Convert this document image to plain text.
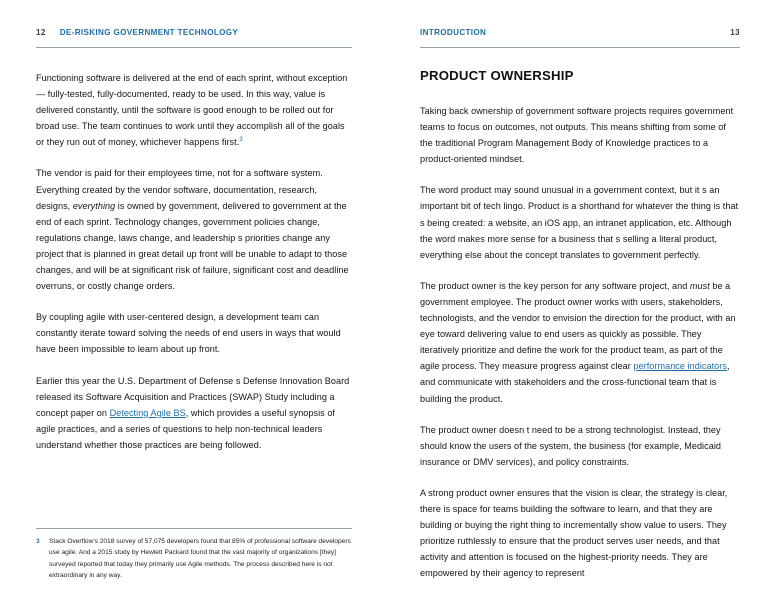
12 DE-RISKING GOVERNMENT TECHNOLOGY

Functioning software is delivered at the end of each sprint, without exception — fully-tested, fully-documented, ready to be used. In this way, value is delivered constantly, until the software is good enough to be rolled out for broad use. The team continues to work until they accomplish all of the goals or they run out of money, whichever happens first.$^3$

The vendor is paid for their employees time, not for a software system. Everything created by the vendor software, documentation, research, designs, everything is owned by government, delivered to government at the end of each sprint. Technology changes, government policies change, regulations change, laws change, and leadership s priorities change any project that is planned in great detail up front will be unable to adapt to those changes, and will be at significant risk of failure, significant cost and deadline overruns, or costly change orders.

By coupling agile with user-centered design, a development team can constantly iterate toward solving the needs of end users in ways that would have been impossible to learn about up front.

Earlier this year the U.S. Department of Defense s Defense Innovation Board released its Software Acquisition and Practices (SWAP) Study including a concept paper on Detecting Agile BS, which provides a useful synopsis of agile practices, and a series of questions to help non-technical leaders understand whether those practices are being followed.

3	Stack Overflow's 2018 survey of 57,075 developers found that 85% of professional software developers use agile. And a 2015 study by Hewlett Packard found that the vast majority of organizations [they] surveyed reported that today they primarily use Agile methods. The process described here is not extraordinary in any way.
INTRODUCTION	13
PRODUCT OWNERSHIP

Taking back ownership of government software projects requires government teams to focus on outcomes, not outputs. This means shifting from some of the traditional Program Management Body of Knowledge practices to a product-oriented mindset.

The word product may sound unusual in a government context, but it s an important bit of tech lingo. Product is a shorthand for whatever the thing is that s being created: a website, an iOS app, an intranet application, etc. Although the word makes more sense for a business that s selling a literal product, everything else about the concept translates to government perfectly.

The product owner is the key person for any software project, and must be a government employee. The product owner works with users, stakeholders, technologists, and the vendor to envision the direction for the product, with an eye toward delivering value to end users as quickly as possible. They iteratively prioritize and define the work for the product team, as part of the agile process. They measure progress against clear performance indicators, and communicate with stakeholders and the cross-functional team that is building the product.

The product owner doesn t need to be a strong technologist. Instead, they should know the users of the system, the business (for example, Medicaid insurance or DMV services), and policy constraints.

A strong product owner ensures that the vision is clear, the strategy is clear, there is space for teams building the software to learn, and that they are building or buying the right thing to incrementally show value to users. They prioritize ruthlessly to ensure that the product serves user needs, and that activity and attention is focused on the highest-priority needs. They are empowered by their agency to represent
